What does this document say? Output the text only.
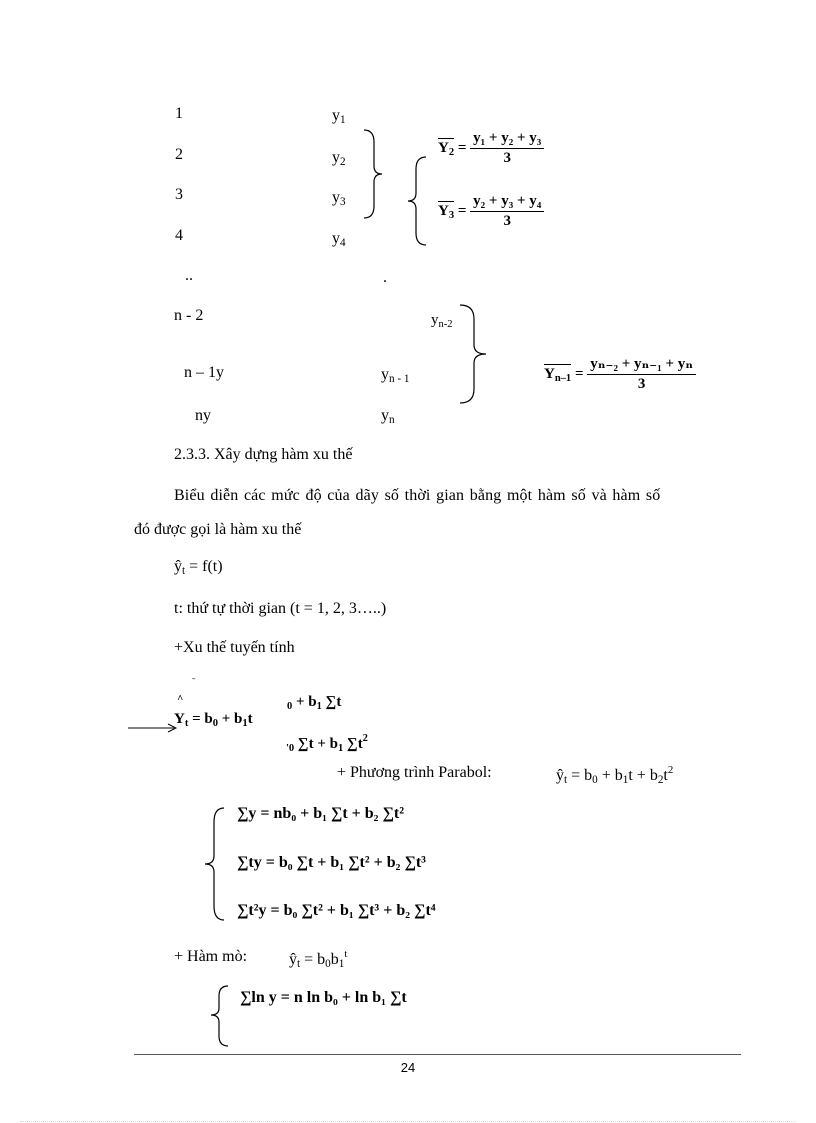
1	$y_1$
2	$y_2$
3	$y_3$
4	$y_4$
$Y_2 = \frac{\text{y₁ + y₂ + y₃}}{3}$
$Y_3 = \frac{\text{y₂ + y₃ + y₄}}{3}$
..	.
n - 2	$y_{n-2}$
n – 1y	$y_{n - 1}$
ny	$y_n$
$Y_{n-1} = \frac{\text{yₙ₋₂ + yₙ₋₁ + yₙ}}{3}$
2.3.3. Xây dựng hàm xu thế
Biểu diễn các mức độ của dãy số thời gian bằng một hàm số và hàm số
đó được gọi là hàm xu thế
$ŷ_t = f(t)$
t: thứ tự thời gian (t = 1, 2, 3…..)
+Xu thế tuyến tính
ˉ
^
$Y_t = b_0 + b_1t$
$_0 + b_1$ ∑t
$_{'0}$ $\sum t + b_1$ $\sum t^2$
+ Phương trình Parabol:	$ŷ_t = b_0 + b_1t + b_2t^2$
∑y = nb₀ + b₁ ∑t + b₂ ∑t²
∑ty = b₀ ∑t + b₁ ∑t² + b₂ ∑t³
∑t²y = b₀ ∑t² + b₁ ∑t³ + b₂ ∑t⁴
+ Hàm mò:	$ŷ_t = b_0b_1^t$
∑ln y = n ln b₀ + ln b₁ ∑t
24
